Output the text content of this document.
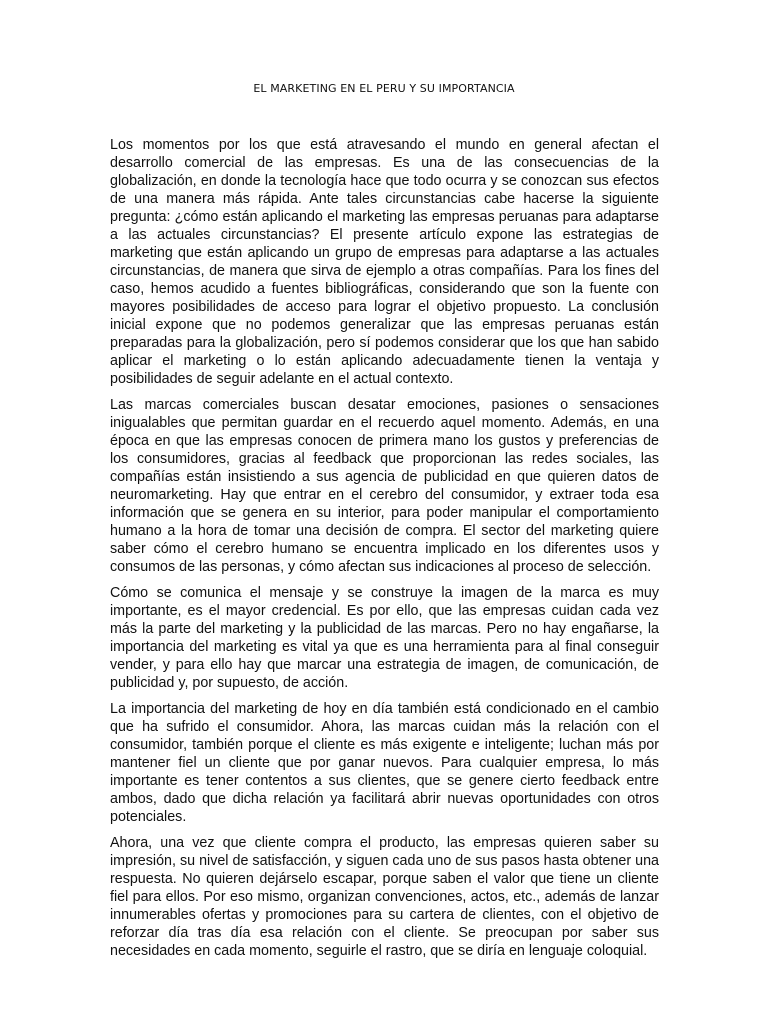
EL MARKETING EN EL PERU Y SU IMPORTANCIA

Los momentos por los que está atravesando el mundo en general afectan el desarrollo comercial de las empresas. Es una de las consecuencias de la globalización, en donde la tecnología hace que todo ocurra y se conozcan sus efectos de una manera más rápida. Ante tales circunstancias cabe hacerse la siguiente pregunta: ¿cómo están aplicando el marketing las empresas peruanas para adaptarse a las actuales circunstancias? El presente artículo expone las estrategias de marketing que están aplicando un grupo de empresas para adaptarse a las actuales circunstancias, de manera que sirva de ejemplo a otras compañías. Para los fines del caso, hemos acudido a fuentes bibliográficas, considerando que son la fuente con mayores posibilidades de acceso para lograr el objetivo propuesto. La conclusión inicial expone que no podemos generalizar que las empresas peruanas están preparadas para la globalización, pero sí podemos considerar que los que han sabido aplicar el marketing o lo están aplicando adecuadamente tienen la ventaja y posibilidades de seguir adelante en el actual contexto.

Las marcas comerciales buscan desatar emociones, pasiones o sensaciones inigualables que permitan guardar en el recuerdo aquel momento. Además, en una época en que las empresas conocen de primera mano los gustos y preferencias de los consumidores, gracias al feedback que proporcionan las redes sociales, las compañías están insistiendo a sus agencia de publicidad en que quieren datos de neuromarketing. Hay que entrar en el cerebro del consumidor, y extraer toda esa información que se genera en su interior, para poder manipular el comportamiento humano a la hora de tomar una decisión de compra. El sector del marketing quiere saber cómo el cerebro humano se encuentra implicado en los diferentes usos y consumos de las personas, y cómo afectan sus indicaciones al proceso de selección.

Cómo se comunica el mensaje y se construye la imagen de la marca es muy importante, es el mayor credencial. Es por ello, que las empresas cuidan cada vez más la parte del marketing y la publicidad de las marcas. Pero no hay engañarse, la importancia del marketing es vital ya que es una herramienta para al final conseguir vender, y para ello hay que marcar una estrategia de imagen, de comunicación, de publicidad y, por supuesto, de acción.

La importancia del marketing de hoy en día también está condicionado en el cambio que ha sufrido el consumidor. Ahora, las marcas cuidan más la relación con el consumidor, también porque el cliente es más exigente e inteligente; luchan más por mantener fiel un cliente que por ganar nuevos. Para cualquier empresa, lo más importante es tener contentos a sus clientes, que se genere cierto feedback entre ambos, dado que dicha relación ya facilitará abrir nuevas oportunidades con otros potenciales.

Ahora, una vez que cliente compra el producto, las empresas quieren saber su impresión, su nivel de satisfacción, y siguen cada uno de sus pasos hasta obtener una respuesta. No quieren dejárselo escapar, porque saben el valor que tiene un cliente fiel para ellos. Por eso mismo, organizan convenciones, actos, etc., además de lanzar innumerables ofertas y promociones para su cartera de clientes, con el objetivo de reforzar día tras día esa relación con el cliente. Se preocupan por saber sus necesidades en cada momento, seguirle el rastro, que se diría en lenguaje coloquial.
